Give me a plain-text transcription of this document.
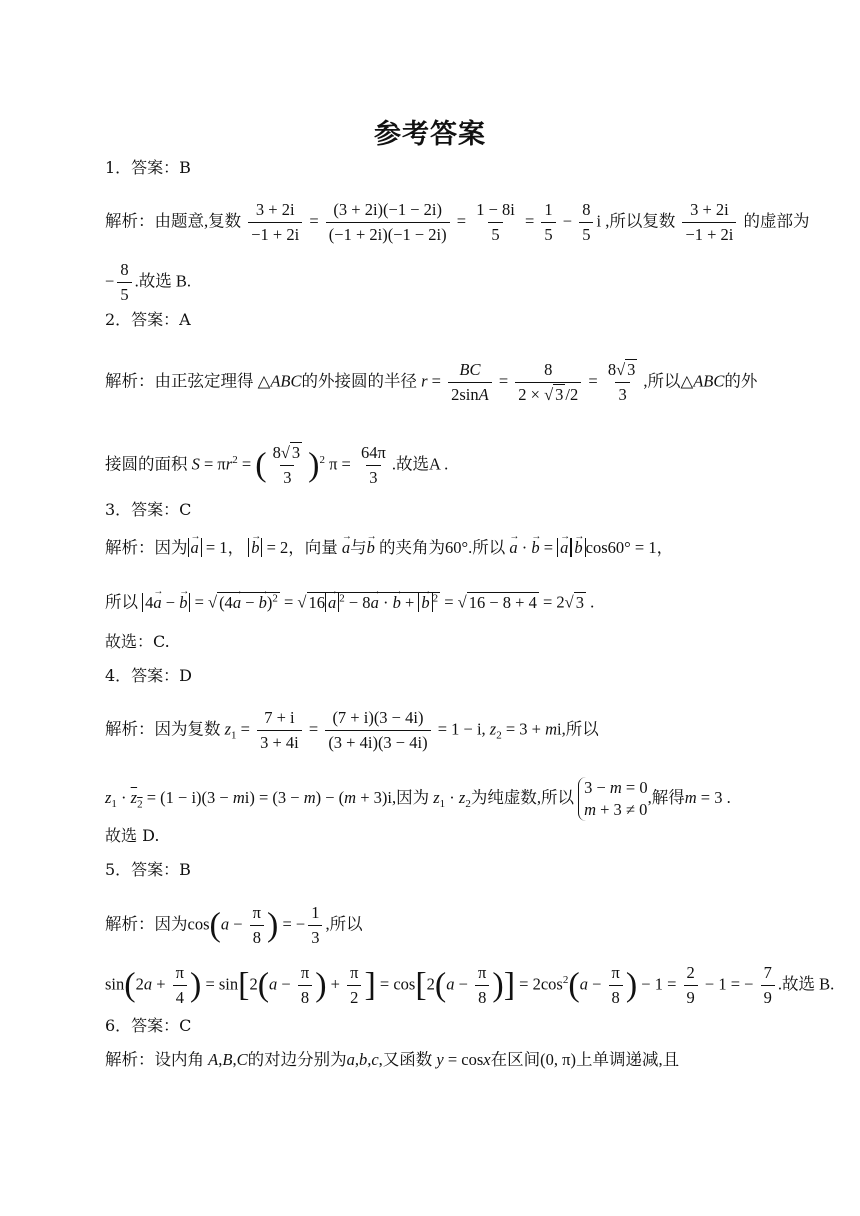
参考答案
1．答案：B
解析：由题意,复数 $\frac{3 + 2i}{-1 + 2i} = \frac{(3 + 2i)(-1 - 2i)}{(-1 + 2i)(-1 - 2i)} = \frac{1 - 8i}{5} = \frac{1}{5} - \frac{8}{5}$ i ,所以复数 $\frac{3 + 2i}{-1 + 2i}$ 的虚部为
− $\frac{8}{5}$ .故选 B.
2．答案：A
解析：由正弦定理得 △ABC的外接圆的半径 $r = \frac{BC}{2\sin A} = \frac{8}{2 \times √ 3 /2} = \frac{8√ 3}{3}$ ,所以△ABC的外
接圆的面积 $S = \pi r^2$ = ( $\frac{8√ 3}{3} )^2$ $\pi = \frac{64\pi}{3}$ .故选A .
3．答案：C
解析：因为 → a = 1， → b = 2，向量 → a与→ b 的夹角为60°.所以 → a · → b = → a → b cos60° = 1，
所以 4→ a − → b = √ (4→ a − → b)$^2$ = √ 16 → a $^2$ − 8→ a · → b + → b $^2$ = √ 16 − 8 + 4 = 2√ 3 .
故选：C.
4．答案：D
解析：因为复数 $z_1 = \frac{7 + i}{3 + 4i} = \frac{(7 + i)(3 - 4i)}{(3 + 4i)(3 - 4i)} = 1 - i$, $z_2 = 3$ + mi,所以
$z_1 \cdot z_2 = (1 - i)(3 - mi) = (3 - m) - (m + 3)i$,因为 $z_1 \cdot z_2$为纯虚数,所以
3 − m = 0
m + 3 ≠ 0
,解得m = 3 .
故选 D.
5．答案：B
解析：因为$\cos(a - \frac{\pi}{8}$ ) = − $\frac{1}{3}$ ,所以
$\sin(2a + \frac{\pi}{4}$ ) = $\sin[2(a - \frac{\pi}{8}$ ) + $\frac{\pi}{2}$ ] = $\cos[2(a - \frac{\pi}{8}$ )] = $2\cos^2(a - \frac{\pi}{8}$ ) − $1 = \frac{2}{9} - 1$ = − $\frac{7}{9}$ .故选 B.
6．答案：C
解析：设内角 A,B,C的对边分别为a,b,c,又函数 y = cosx在区间(0, π)上单调递减,且
